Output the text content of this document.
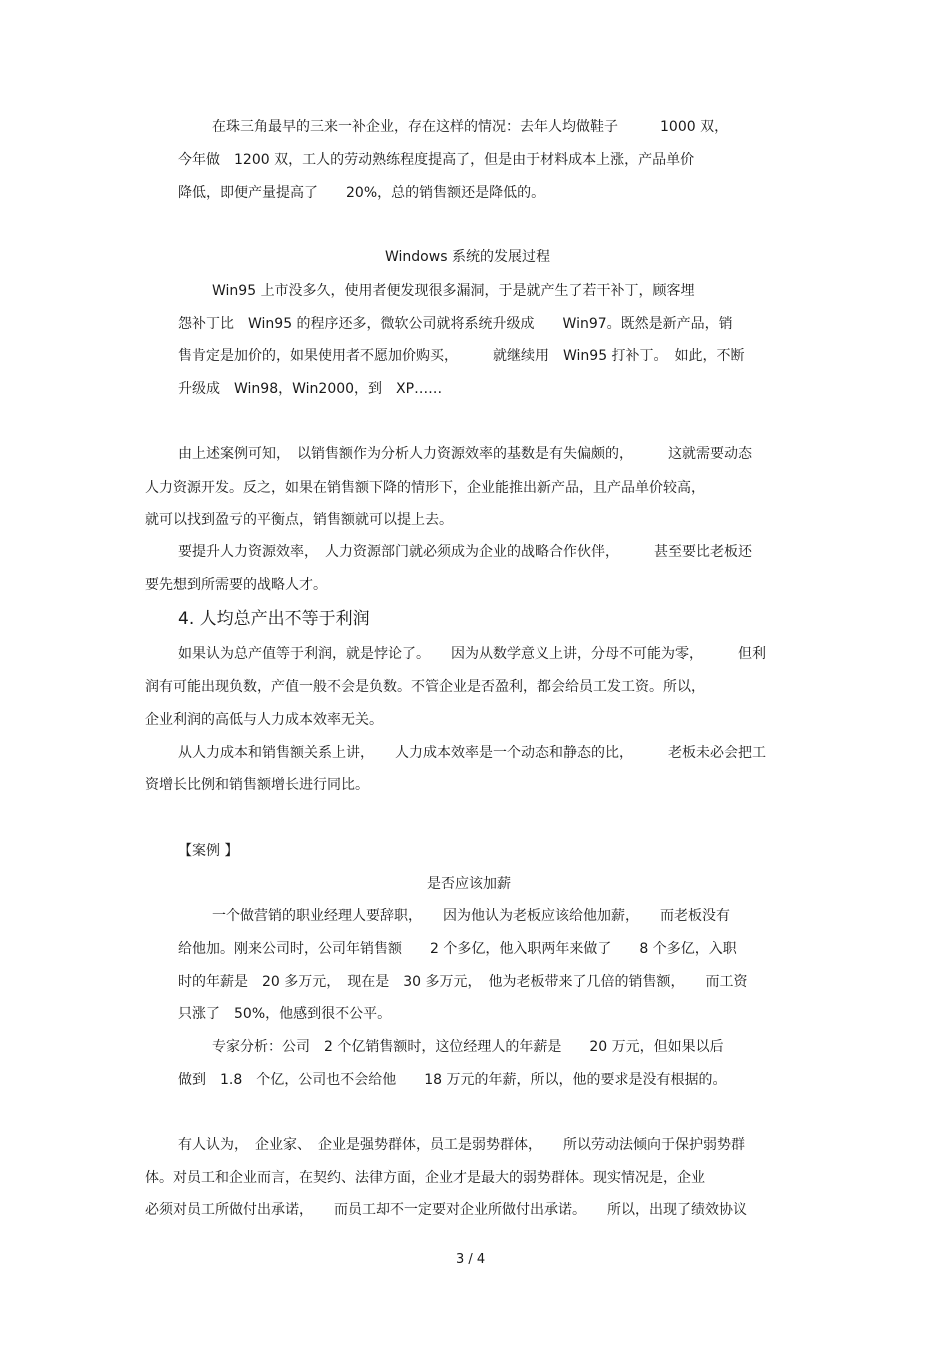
在珠三角最早的三来一补企业，存在这样的情况：去年人均做鞋子　　　1000 双，
今年做　1200 双，工人的劳动熟练程度提高了，但是由于材料成本上涨，产品单价
降低，即便产量提高了　　20%，总的销售额还是降低的。
Windows 系统的发展过程
Win95 上市没多久，使用者便发现很多漏洞，于是就产生了若干补丁，顾客埋
怨补丁比　Win95 的程序还多，微软公司就将系统升级成　　Win97。既然是新产品，销
售肯定是加价的，如果使用者不愿加价购买，　　　就继续用　Win95 打补丁。　如此，不断
升级成　Win98，Win2000，到　XP……
由上述案例可知，　以销售额作为分析人力资源效率的基数是有失偏颇的，　　　这就需要动态
人力资源开发。反之，如果在销售额下降的情形下，企业能推出新产品，且产品单价较高，
就可以找到盈亏的平衡点，销售额就可以提上去。
要提升人力资源效率，　人力资源部门就必须成为企业的战略合作伙伴，　　　甚至要比老板还
要先想到所需要的战略人才。
4. 人均总产出不等于利润
如果认为总产值等于利润，就是悖论了。　　因为从数学意义上讲，分母不可能为零，　　　但利
润有可能出现负数，产值一般不会是负数。不管企业是否盈利，都会给员工发工资。所以，
企业利润的高低与人力成本效率无关。
从人力成本和销售额关系上讲，　　人力成本效率是一个动态和静态的比，　　　老板未必会把工
资增长比例和销售额增长进行同比。
【案例 】
是否应该加薪
一个做营销的职业经理人要辞职，　　因为他认为老板应该给他加薪，　　而老板没有
给他加。刚来公司时，公司年销售额　　2 个多亿，他入职两年来做了　　8 个多亿，入职
时的年薪是　20 多万元，　现在是　30 多万元，　他为老板带来了几倍的销售额，　　而工资
只涨了　50%，他感到很不公平。
专家分析：公司　2 个亿销售额时，这位经理人的年薪是　　20 万元，但如果以后
做到　1.8　个亿，公司也不会给他　　18 万元的年薪，所以，他的要求是没有根据的。
有人认为，　企业家、　企业是强势群体，员工是弱势群体，　　所以劳动法倾向于保护弱势群
体。对员工和企业而言，在契约、法律方面，企业才是最大的弱势群体。现实情况是，企业
必须对员工所做付出承诺，　　而员工却不一定要对企业所做付出承诺。　　所以，出现了绩效协议
3 / 4
